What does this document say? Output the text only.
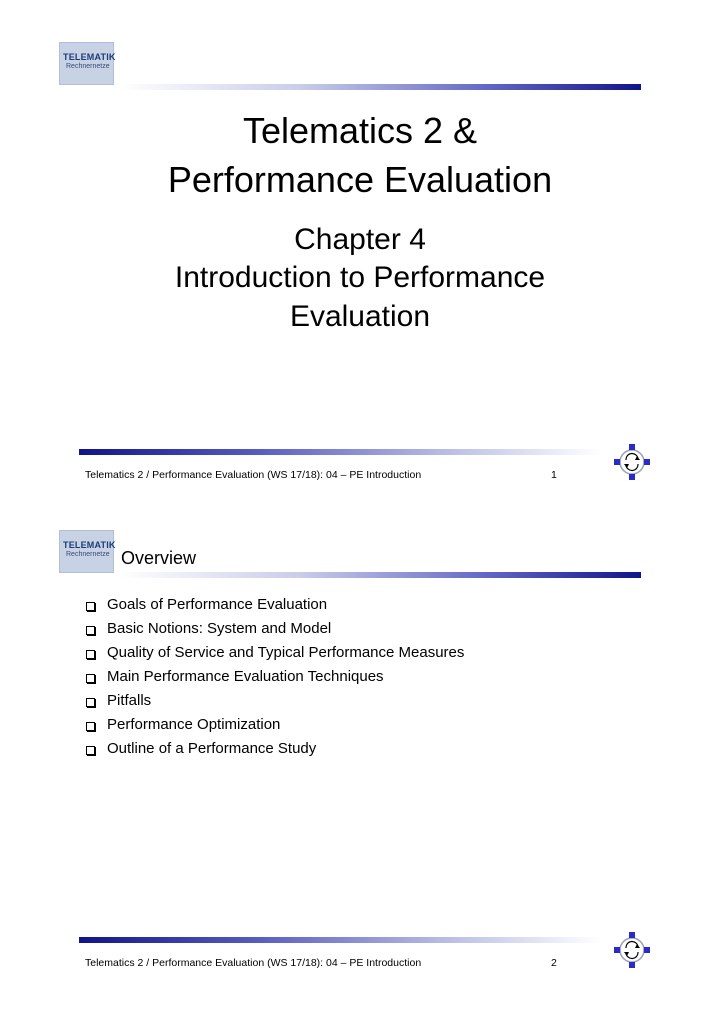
TELEMATIK
Rechnernetze
Telematics 2 &
Performance Evaluation
Chapter 4
Introduction to Performance
Evaluation
Telematics 2 / Performance Evaluation (WS 17/18): 04 – PE Introduction	1
TELEMATIK
Rechnernetze Overview
Goals of Performance Evaluation
Basic Notions: System and Model
Quality of Service and Typical Performance Measures
Main Performance Evaluation Techniques
Pitfalls
Performance Optimization
Outline of a Performance Study
Telematics 2 / Performance Evaluation (WS 17/18): 04 – PE Introduction	2
